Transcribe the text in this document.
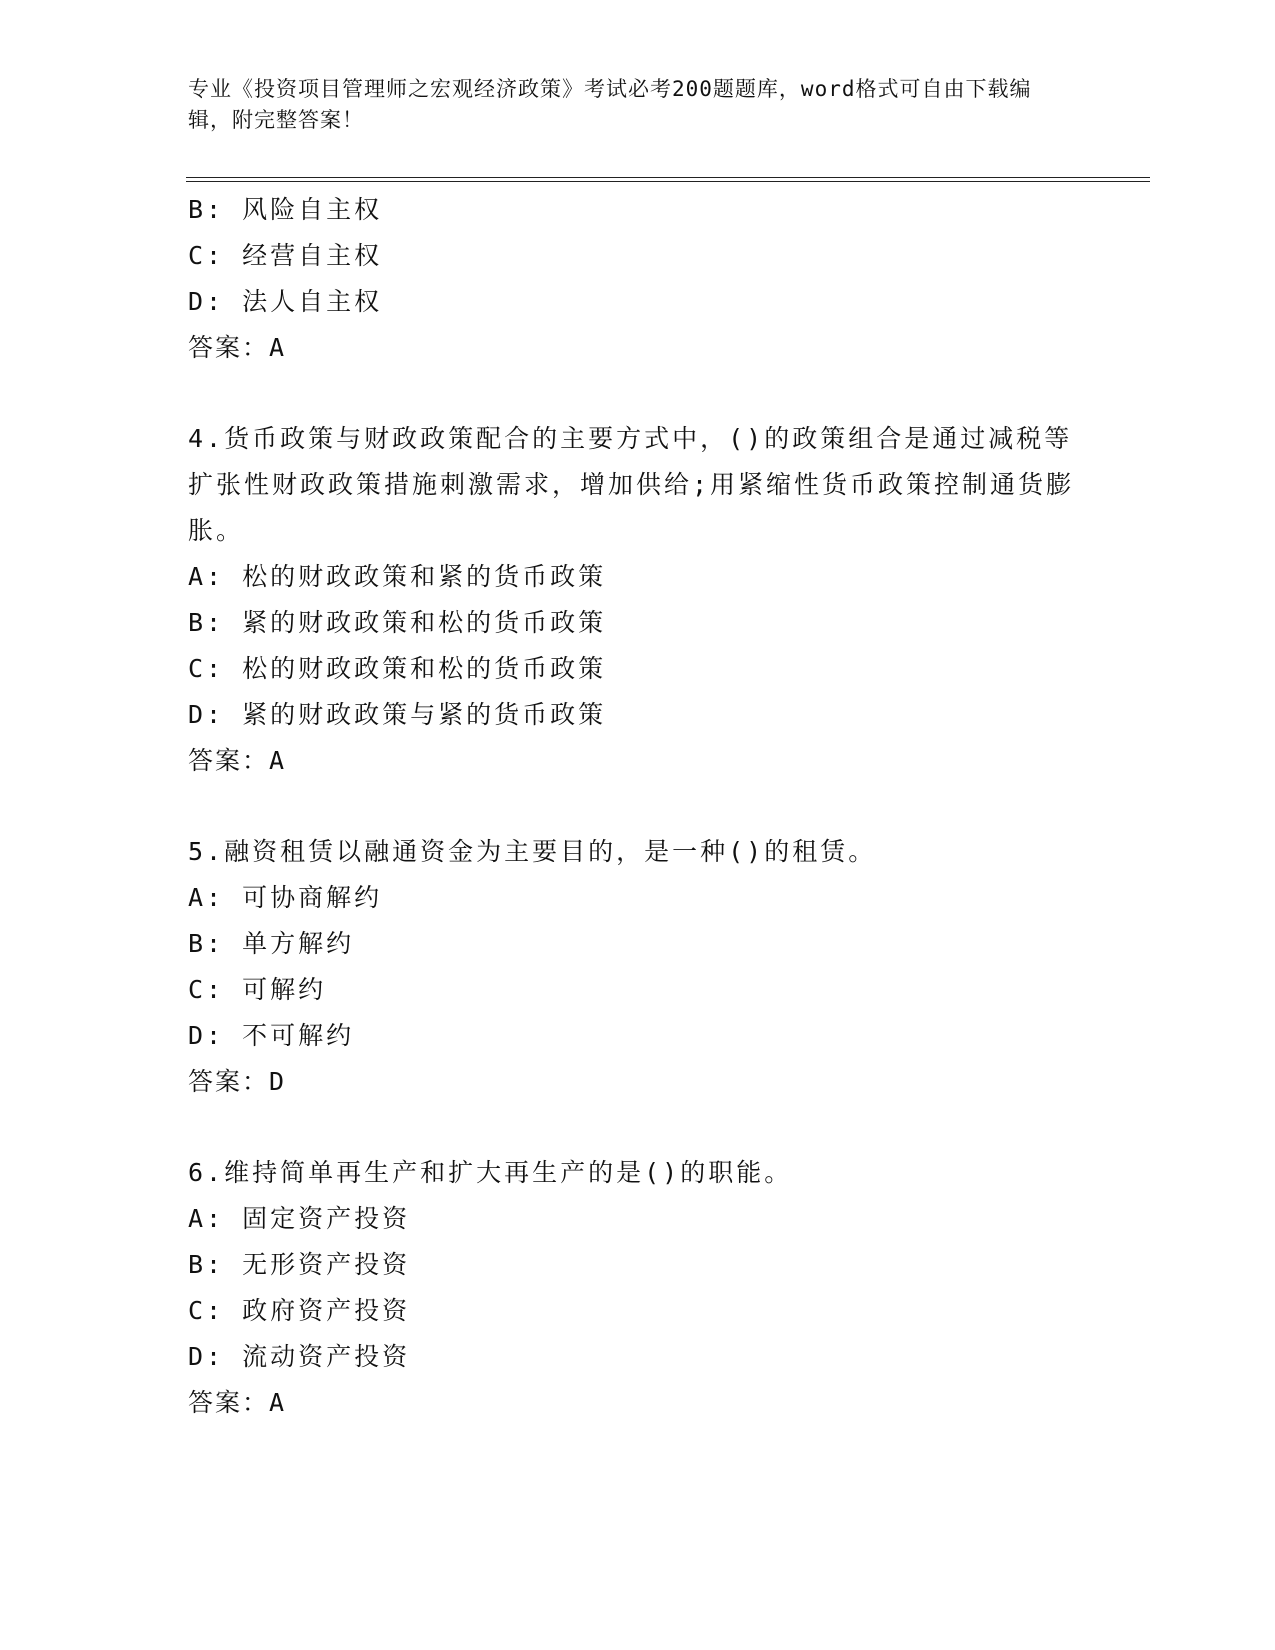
专业《投资项目管理师之宏观经济政策》考试必考200题题库，word格式可自由下载编辑，附完整答案！
B: 风险自主权
C: 经营自主权
D: 法人自主权
答案：A
4.货币政策与财政政策配合的主要方式中，()的政策组合是通过减税等扩张性财政政策措施刺激需求，增加供给;用紧缩性货币政策控制通货膨胀。
A: 松的财政政策和紧的货币政策
B: 紧的财政政策和松的货币政策
C: 松的财政政策和松的货币政策
D: 紧的财政政策与紧的货币政策
答案：A
5.融资租赁以融通资金为主要目的，是一种()的租赁。
A: 可协商解约
B: 单方解约
C: 可解约
D: 不可解约
答案：D
6.维持简单再生产和扩大再生产的是()的职能。
A: 固定资产投资
B: 无形资产投资
C: 政府资产投资
D: 流动资产投资
答案：A
